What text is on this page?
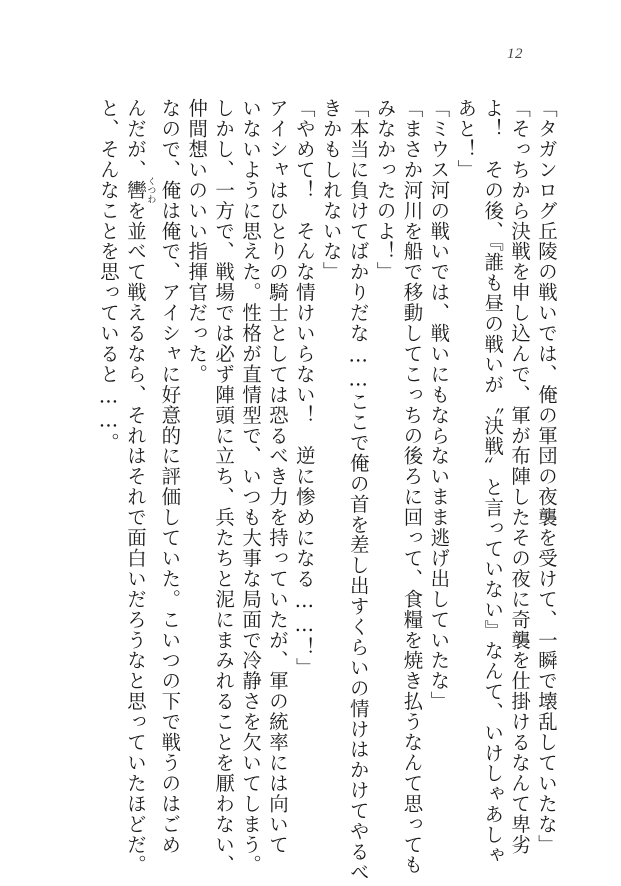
12
「タガンログ丘陵の戦いでは、俺の軍団の夜襲を受けて、一瞬で壊乱していたな」
「そっちから決戦を申し込んで、軍が布陣したその夜に奇襲を仕掛けるなんて卑劣
よ！　その後、『誰も昼の戦いが〝決戦〟と言っていない』なんて、いけしゃあしゃ
あと！」
「ミウス河の戦いでは、戦いにもならないまま逃げ出していたな」
「まさか河川を船で移動してこっちの後ろに回って、食糧を焼き払うなんて思っても
みなかったのよ！」
「本当に負けてばかりだな……ここで俺の首を差し出すくらいの情けはかけてやるべ
きかもしれないな」
「やめて！　そんな情けいらない！　逆に惨めになる……！」
アイシャはひとりの騎士としては恐るべき力を持っていたが、軍の統率には向いて
いないように思えた。性格が直情型で、いつも大事な局面で冷静さを欠いてしまう。
しかし、一方で、戦場では必ず陣頭に立ち、兵たちと泥にまみれることを厭わない、
仲間想いのいい指揮官だった。
なので、俺は俺で、アイシャに好意的に評価していた。こいつの下で戦うのはごめ
んだが、轡くつわを並べて戦えるなら、それはそれで面白いだろうなと思っていたほどだ。
と、そんなことを思っていると……。
